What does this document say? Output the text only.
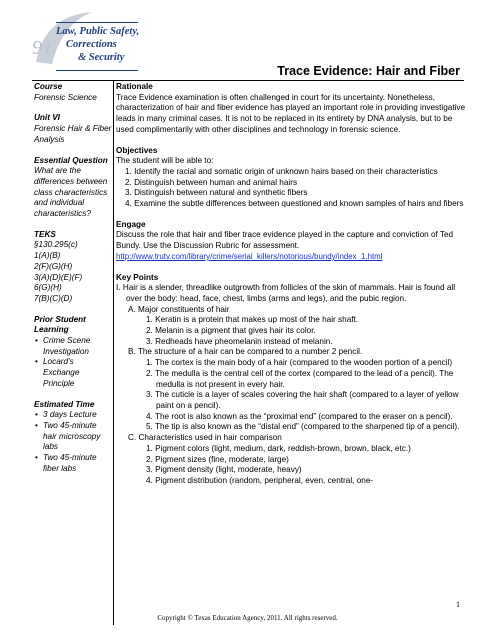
9 1
Law, Public Safety,
Corrections
& Security
Trace Evidence: Hair and Fiber
Course
Forensic Science
Unit VI
Forensic Hair & Fiber Analysis
Essential Question
What are the differences between class characteristics and individual characteristics?
TEKS
§130.295(c)
1(A)(B)
2(F)(G)(H)
3(A)(D)(E)(F)
6(G)(H)
7(B)(C)(D)
Prior Student Learning
• Crime Scene Investigation
• Locard's Exchange Principle
Estimated Time
• 3 days Lecture
• Two 45-minute hair microscopy labs
• Two 45-minute fiber labs
Rationale
Trace Evidence examination is often challenged in court for its uncertainty. Nonetheless, characterization of hair and fiber evidence has played an important role in providing investigative leads in many criminal cases. It is not to be replaced in its entirety by DNA analysis, but to be used complimentarily with other disciplines and technology in forensic science.
Objectives
The student will be able to:
1. Identify the racial and somatic origin of unknown hairs based on their characteristics
2. Distinguish between human and animal hairs
3. Distinguish between natural and synthetic fibers
4. Examine the subtle differences between questioned and known samples of hairs and fibers
Engage
Discuss the role that hair and fiber trace evidence played in the capture and conviction of Ted Bundy. Use the Discussion Rubric for assessment.
http://www.trutv.com/library/crime/serial_killers/notorious/bundy/index_1.html
Key Points
I. Hair is a slender, threadlike outgrowth from follicles of the skin of mammals. Hair is found all over the body: head, face, chest, limbs (arms and legs), and the pubic region.
A. Major constituents of hair
1. Keratin is a protein that makes up most of the hair shaft.
2. Melanin is a pigment that gives hair its color.
3. Redheads have pheomelanin instead of melanin.
B. The structure of a hair can be compared to a number 2 pencil.
1. The cortex is the main body of a hair (compared to the wooden portion of a pencil)
2. The medulla is the central cell of the cortex (compared to the lead of a pencil). The medulla is not present in every hair.
3. The cuticle is a layer of scales covering the hair shaft (compared to a layer of yellow paint on a pencil).
4. The root is also known as the “proximal end” (compared to the eraser on a pencil).
5. The tip is also known as the “distal end” (compared to the sharpened tip of a pencil).
C. Characteristics used in hair comparison
1. Pigment colors (light, medium, dark, reddish-brown, brown, black, etc.)
2. Pigment sizes (fine, moderate, large)
3. Pigment density (light, moderate, heavy)
4. Pigment distribution (random, peripheral, even, central, one-
1
Copyright © Texas Education Agency, 2011. All rights reserved.
